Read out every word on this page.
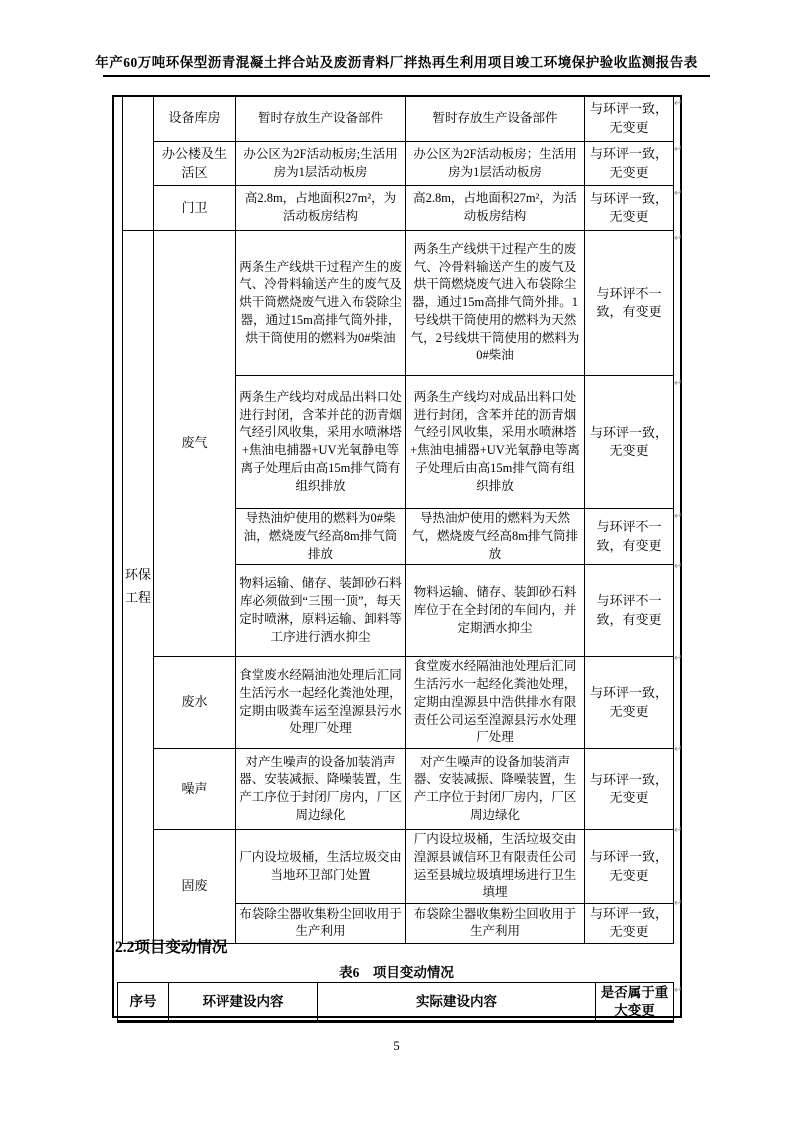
年产60万吨环保型沥青混凝土拌合站及废沥青料厂拌热再生利用项目竣工环境保护验收监测报告表
	设备库房	暂时存放生产设备部件	暂时存放生产设备部件	与环评一致，无变更
	办公楼及生活区	办公区为2F活动板房;生活用房为1层活动板房	办公区为2F活动板房；生活用房为1层活动板房	与环评一致，无变更
	门卫	高2.8m，占地面积27m²，为活动板房结构	高2.8m，占地面积27m²，为活动板房结构	与环评一致，无变更
环保工程	废气	两条生产线烘干过程产生的废气、冷骨料输送产生的废气及烘干筒燃烧废气进入布袋除尘器，通过15m高排气筒外排，烘干筒使用的燃料为0#柴油	两条生产线烘干过程产生的废气、冷骨料输送产生的废气及烘干筒燃烧废气进入布袋除尘器，通过15m高排气筒外排。1号线烘干筒使用的燃料为天然气，2号线烘干筒使用的燃料为0#柴油	与环评不一致，有变更
		两条生产线均对成品出料口处进行封闭，含苯并芘的沥青烟气经引风收集，采用水喷淋塔+焦油电捕器+UV光氧静电等离子处理后由高15m排气筒有组织排放	两条生产线均对成品出料口处进行封闭，含苯并芘的沥青烟气经引风收集，采用水喷淋塔+焦油电捕器+UV光氧静电等离子处理后由高15m排气筒有组织排放	与环评一致，无变更
		导热油炉使用的燃料为0#柴油，燃烧废气经高8m排气筒排放	导热油炉使用的燃料为天然气，燃烧废气经高8m排气筒排放	与环评不一致，有变更
		物料运输、储存、装卸砂石料库必须做到“三围一顶”，每天定时喷淋，原料运输、卸料等工序进行洒水抑尘	物料运输、储存、装卸砂石料库位于在全封闭的车间内，并定期洒水抑尘	与环评不一致，有变更
	废水	食堂废水经隔油池处理后汇同生活污水一起经化粪池处理，定期由吸粪车运至湟源县污水处理厂处理	食堂废水经隔油池处理后汇同生活污水一起经化粪池处理，定期由湟源县中浩供排水有限责任公司运至湟源县污水处理厂处理	与环评一致，无变更
	噪声	对产生噪声的设备加装消声器、安装减振、降噪装置，生产工序位于封闭厂房内，厂区周边绿化	对产生噪声的设备加装消声器、安装减振、降噪装置，生产工序位于封闭厂房内，厂区周边绿化	与环评一致，无变更
	固废	厂内设垃圾桶，生活垃圾交由当地环卫部门处置	厂内设垃圾桶，生活垃圾交由湟源县诚信环卫有限责任公司运至县城垃圾填埋场进行卫生填埋	与环评一致，无变更
		布袋除尘器收集粉尘回收用于生产利用	布袋除尘器收集粉尘回收用于生产利用	与环评一致，无变更
2.2项目变动情况
表6　项目变动情况
序号	环评建设内容	实际建设内容	是否属于重大变更
↵
↵
↵
↵
↵
↵
↵
↵
↵
↵
↵
↵
5
